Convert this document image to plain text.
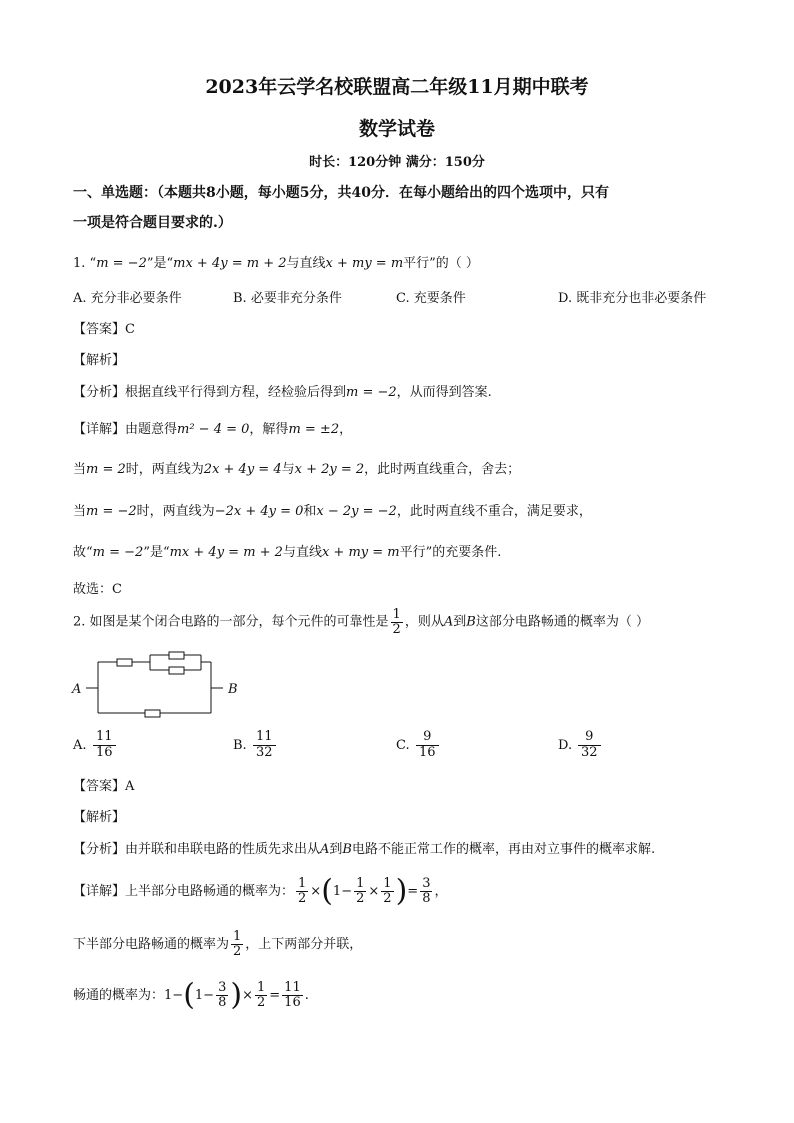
2023年云学名校联盟高二年级11月期中联考
数学试卷
时长：120分钟 满分：150分
一、单选题：（本题共8小题，每小题5分，共40分．在每小题给出的四个选项中，只有
一项是符合题目要求的.）
1. “m = −2”是“mx + 4y = m + 2与直线x + my = m平行”的（ ）
A. 充分非必要条件	B. 必要非充分条件	C. 充要条件	D. 既非充分也非必要条件
【答案】C
【解析】
【分析】根据直线平行得到方程，经检验后得到m = −2，从而得到答案.
【详解】由题意得m² − 4 = 0，解得m = ±2，
当m = 2时，两直线为2x + 4y = 4与x + 2y = 2，此时两直线重合，舍去；
当m = −2时，两直线为−2x + 4y = 0和x − 2y = −2，此时两直线不重合，满足要求，
故“m = −2”是“mx + 4y = m + 2与直线x + my = m平行”的充要条件.
故选：C
2. 如图是某个闭合电路的一部分，每个元件的可靠性是 $\frac{1}{2}$ ，则从A到B这部分电路畅通的概率为（ ）
A	B
A. $\frac{11}{16}$	B. $\frac{11}{32}$	C. $\frac{9}{16}$	D. $\frac{9}{32}$
【答案】A
【解析】
【分析】由并联和串联电路的性质先求出从A到B电路不能正常工作的概率，再由对立事件的概率求解.
【详解】上半部分电路畅通的概率为： $\frac{1}{2} \times(1- \frac{1}{2} \times \frac{1}{2}$ )= $\frac{3}{8}$ ，
下半部分电路畅通的概率为 $\frac{1}{2}$ ，上下两部分并联，
畅通的概率为：$1-(1- \frac{3}{8}$ )× $\frac{1}{2} = \frac{11}{16}$ .
